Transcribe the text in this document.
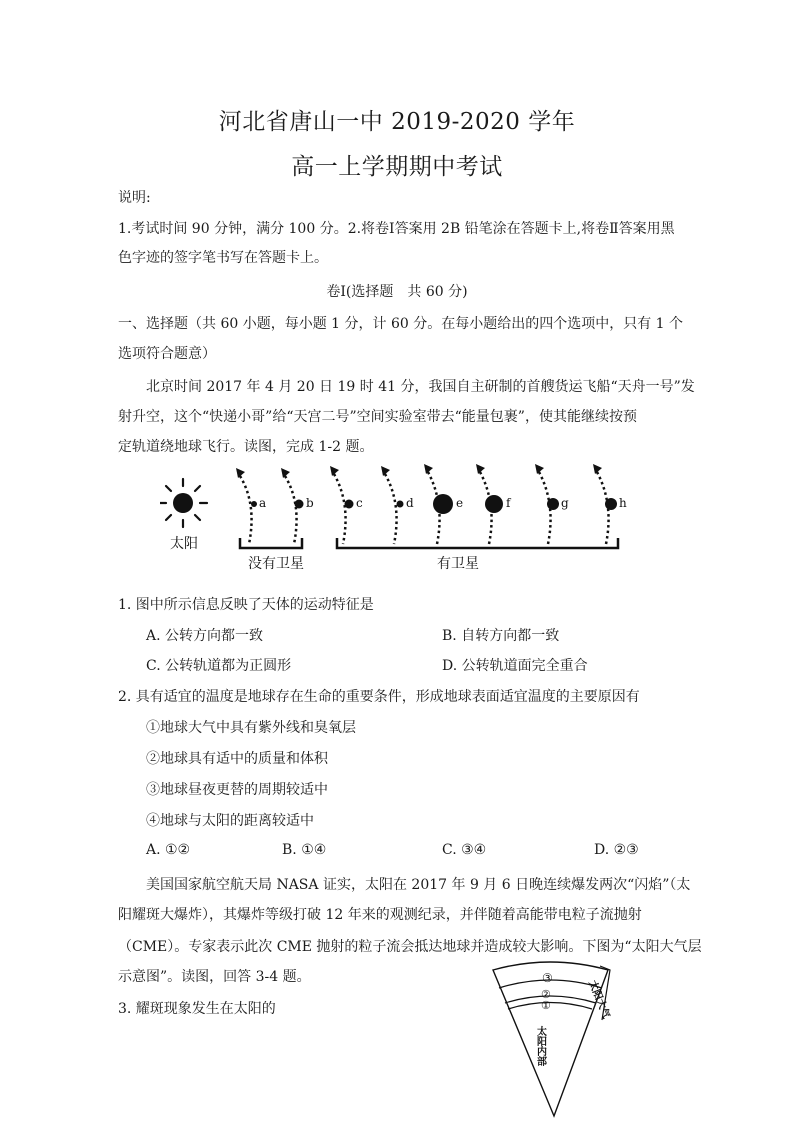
河北省唐山一中 2019-2020 学年
高一上学期期中考试
说明:
1.考试时间 90 分钟，满分 100 分。2.将卷Ⅰ答案用 2B 铅笔涂在答题卡上,将卷Ⅱ答案用黑
色字迹的签字笔书写在答题卡上。
卷Ⅰ(选择题　共 60 分)
一、选择题（共 60 小题，每小题 1 分，计 60 分。在每小题给出的四个选项中，只有 1 个
选项符合题意）
北京时间 2017 年 4 月 20 日 19 时 41 分，我国自主研制的首艘货运飞船“天舟一号”发
射升空，这个“快递小哥”给“天宫二号”空间实验室带去“能量包裹”，使其能继续按预
定轨道绕地球飞行。读图，完成 1-2 题。
太阳
a	b	c	d	e	f	g	h
没有卫星	有卫星
1. 图中所示信息反映了天体的运动特征是
A. 公转方向都一致	B. 自转方向都一致
C. 公转轨道都为正圆形	D. 公转轨道面完全重合
2. 具有适宜的温度是地球存在生命的重要条件，形成地球表面适宜温度的主要原因有
①地球大气中具有紫外线和臭氧层
②地球具有适中的质量和体积
③地球昼夜更替的周期较适中
④地球与太阳的距离较适中
A. ①②	B. ①④	C. ③④	D. ②③
美国国家航空航天局 NASA 证实，太阳在 2017 年 9 月 6 日晚连续爆发两次“闪焰”（太
阳耀斑大爆炸），其爆炸等级打破 12 年来的观测纪录，并伴随着高能带电粒子流抛射
（CME）。专家表示此次 CME 抛射的粒子流会抵达地球并造成较大影响。下图为“太阳大气层
示意图”。读图，回答 3-4 题。
3. 耀斑现象发生在太阳的
③
②
①	太阳大气
太阳内部
